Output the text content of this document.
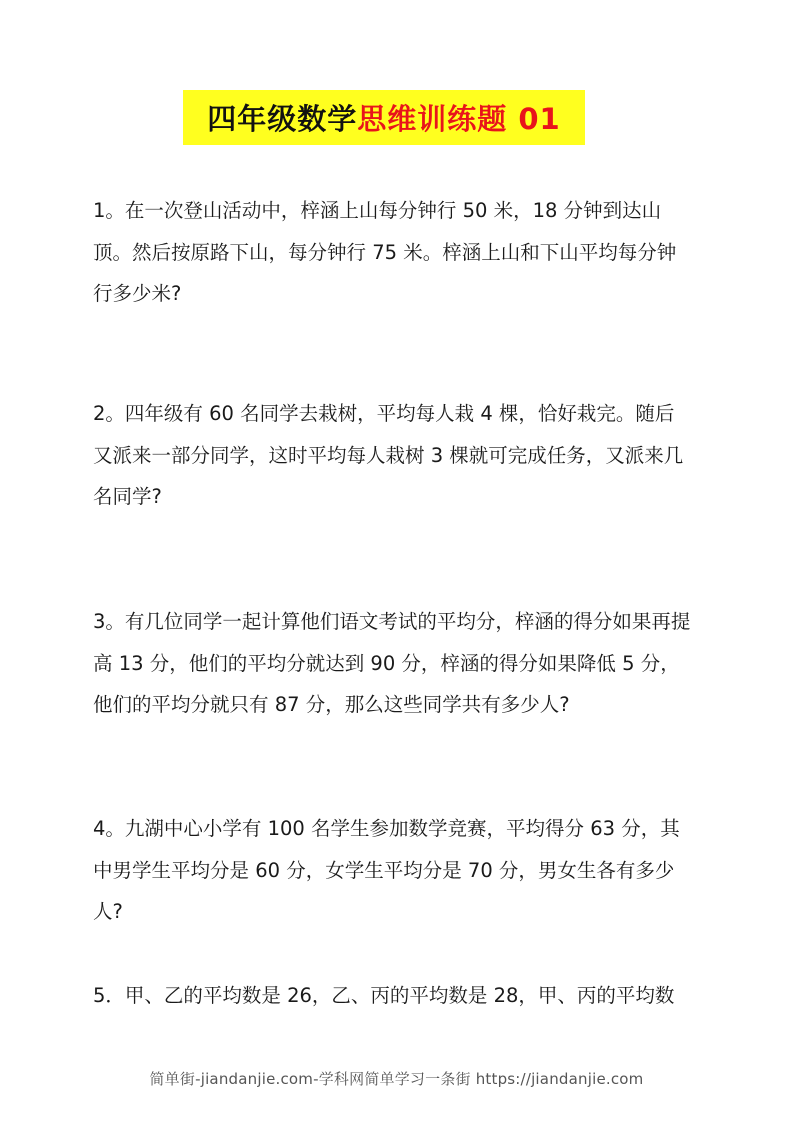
四年级数学 思维训练题 01
1。在一次登山活动中，梓涵上山每分钟行 50 米，18 分钟到达山顶。然后按原路下山，每分钟行 75 米。梓涵上山和下山平均每分钟行多少米?
2。四年级有 60 名同学去栽树，平均每人栽 4 棵，恰好栽完。随后又派来一部分同学，这时平均每人栽树 3 棵就可完成任务，又派来几名同学?
3。有几位同学一起计算他们语文考试的平均分，梓涵的得分如果再提高 13 分，他们的平均分就达到 90 分，梓涵的得分如果降低 5 分，他们的平均分就只有 87 分，那么这些同学共有多少人?
4。九湖中心小学有 100 名学生参加数学竞赛，平均得分 63 分，其中男学生平均分是 60 分，女学生平均分是 70 分，男女生各有多少人?
5．甲、乙的平均数是 26，乙、丙的平均数是 28，甲、丙的平均数
简单街-jiandanjie.com-学科网简单学习一条街 https://jiandanjie.com
